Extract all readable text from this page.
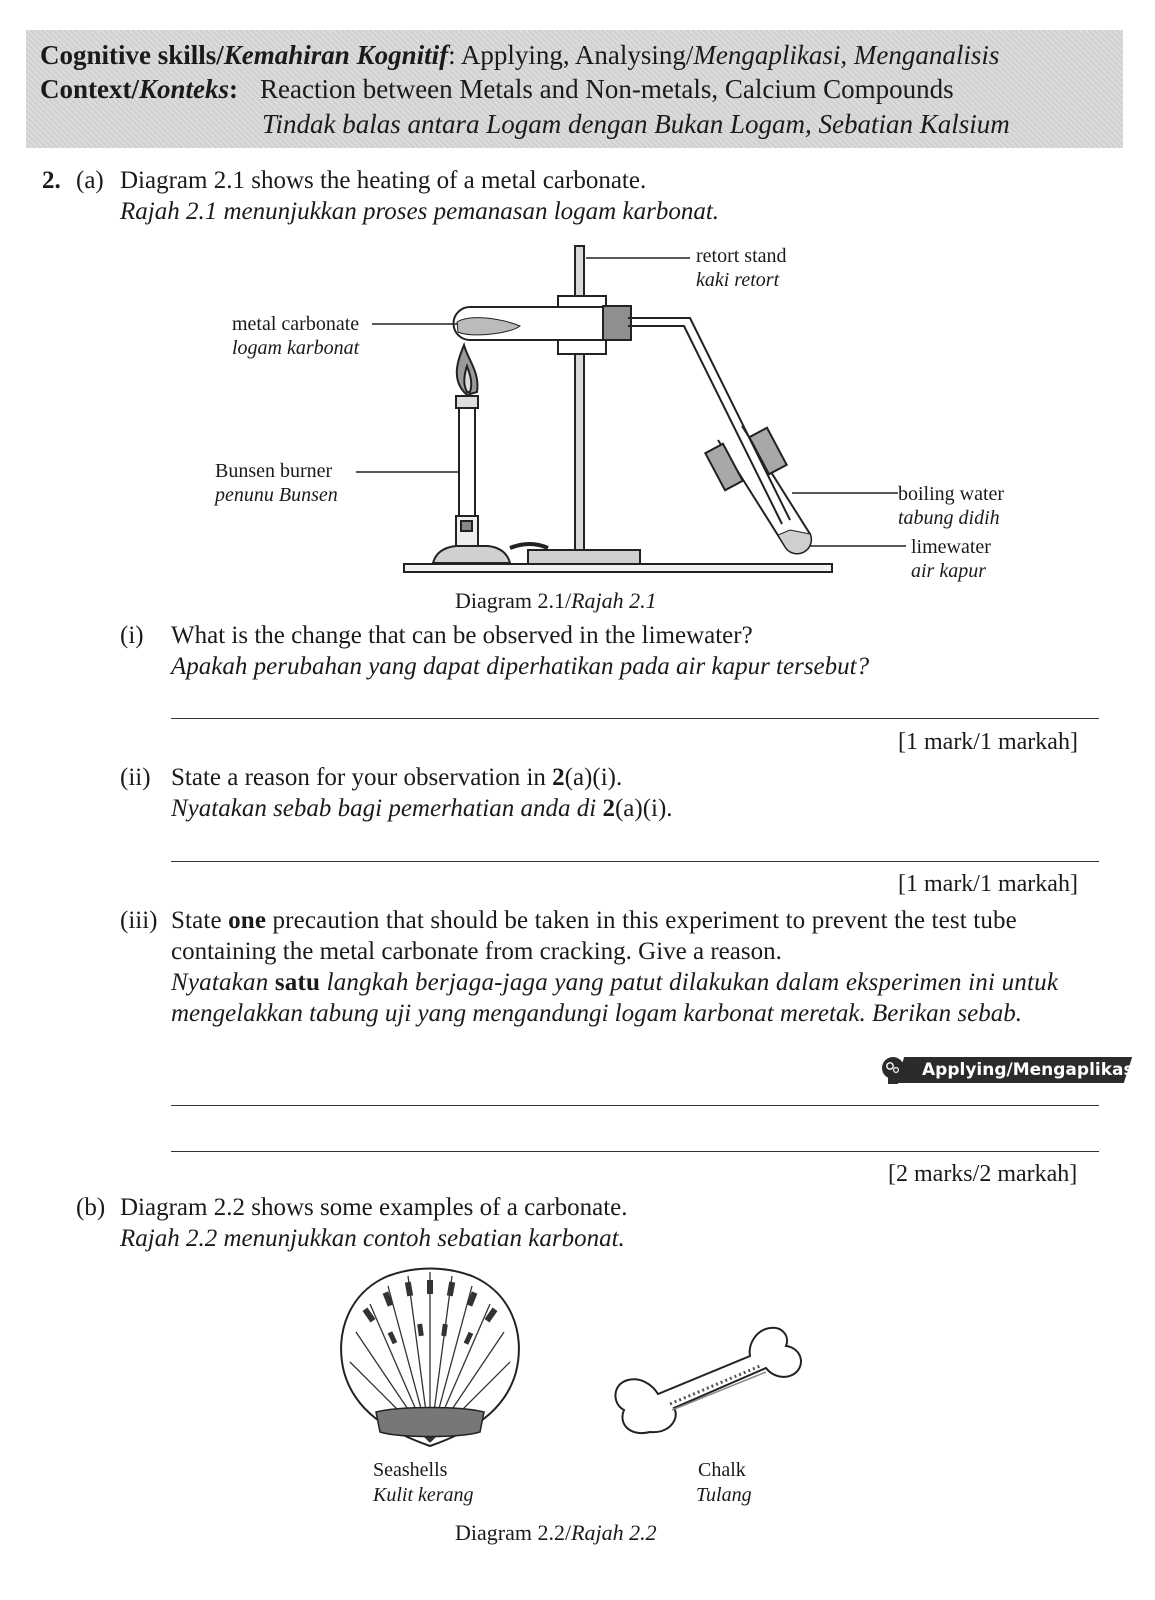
Cognitive skills/Kemahiran Kognitif: Applying, Analysing/Mengaplikasi, Menganalisis
Context/Konteks: Reaction between Metals and Non-metals, Calcium Compounds
Tindak balas antara Logam dengan Bukan Logam, Sebatian Kalsium
2. (a) Diagram 2.1 shows the heating of a metal carbonate.
Rajah 2.1 menunjukkan proses pemanasan logam karbonat.
retort stand
kaki retort
metal carbonate
logam karbonat
Bunsen burner
penunu Bunsen	boiling water
tabung didih
limewater
air kapur
Diagram 2.1/Rajah 2.1
(i) What is the change that can be observed in the limewater?
Apakah perubahan yang dapat diperhatikan pada air kapur tersebut?
[1 mark/1 markah]
(ii) State a reason for your observation in 2(a)(i).
Nyatakan sebab bagi pemerhatian anda di 2(a)(i).
[1 mark/1 markah]
(iii) State one precaution that should be taken in this experiment to prevent the test tube
containing the metal carbonate from cracking. Give a reason.
Nyatakan satu langkah berjaga-jaga yang patut dilakukan dalam eksperimen ini untuk
mengelakkan tabung uji yang mengandungi logam karbonat meretak. Berikan sebab.
Applying/Mengaplikasi
[2 marks/2 markah]
(b) Diagram 2.2 shows some examples of a carbonate.
Rajah 2.2 menunjukkan contoh sebatian karbonat.
Seashells
Kulit kerang
Chalk
Tulang
Diagram 2.2/Rajah 2.2
